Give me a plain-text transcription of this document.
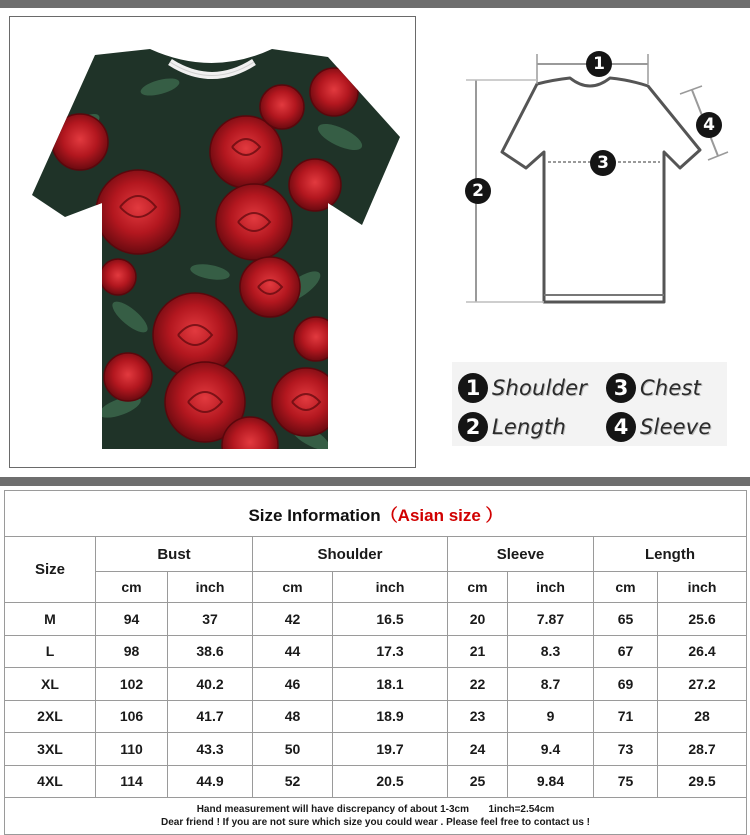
1
2
3
4
1 Shoulder	3 Chest
2 Length	4 Sleeve
Size Information（Asian size ）								
Size	Bust		Shoulder		Sleeve		Length	
	cm	inch	cm	inch	cm	inch	cm	inch
M	94	37	42	16.5	20	7.87	65	25.6
L	98	38.6	44	17.3	21	8.3	67	26.4
XL	102	40.2	46	18.1	22	8.7	69	27.2
2XL	106	41.7	48	18.9	23	9	71	28
3XL	110	43.3	50	19.7	24	9.4	73	28.7
4XL	114	44.9	52	20.5	25	9.84	75	29.5

Hand measurement will have discrepancy of about 1-3cm       1inch=2.54cm
Dear friend ! If you are not sure which size you could wear . Please feel free to contact us !								
